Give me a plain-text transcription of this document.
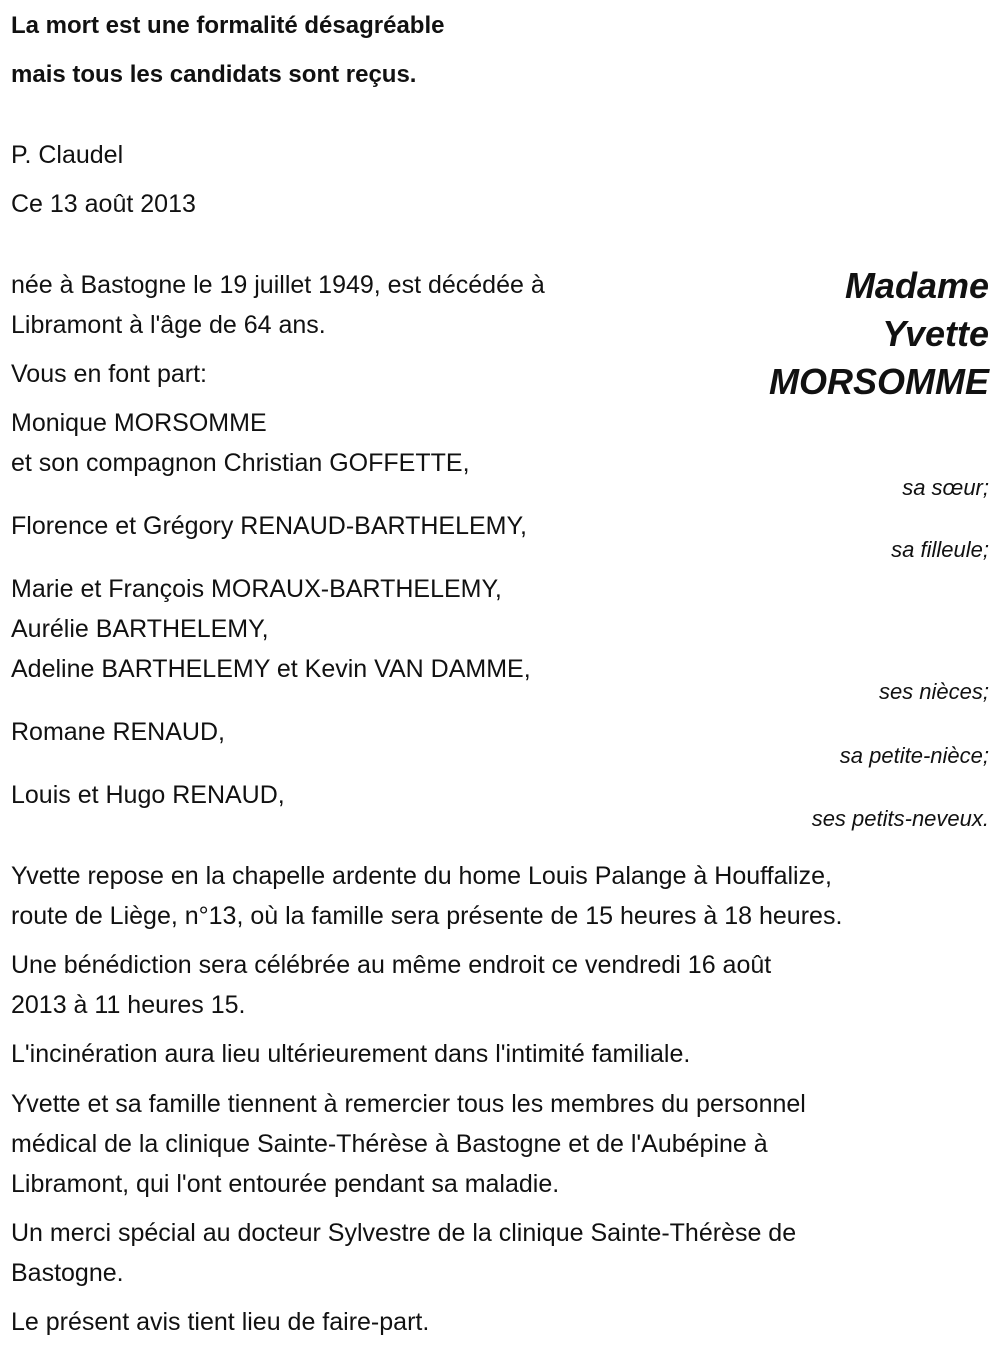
La mort est une formalité désagréable
mais tous les candidats sont reçus.
P. Claudel
Ce 13 août 2013
Madame
Yvette
MORSOMME
née à Bastogne le 19 juillet 1949, est décédée à
Libramont à l'âge de 64 ans.
Vous en font part:
Monique MORSOMME
et son compagnon Christian GOFFETTE,
sa sœur;
Florence et Grégory RENAUD-BARTHELEMY,
sa filleule;
Marie et François MORAUX-BARTHELEMY,
Aurélie BARTHELEMY,
Adeline BARTHELEMY et Kevin VAN DAMME,
ses nièces;
Romane RENAUD,
sa petite-nièce;
Louis et Hugo RENAUD,
ses petits-neveux.
Yvette repose en la chapelle ardente du home Louis Palange à Houffalize,
route de Liège, n°13, où la famille sera présente de 15 heures à 18 heures.
Une bénédiction sera célébrée au même endroit ce vendredi 16 août
2013 à 11 heures 15.
L'incinération aura lieu ultérieurement dans l'intimité familiale.
Yvette et sa famille tiennent à remercier tous les membres du personnel
médical de la clinique Sainte-Thérèse à Bastogne et de l'Aubépine à
Libramont, qui l'ont entourée pendant sa maladie.
Un merci spécial au docteur Sylvestre de la clinique Sainte-Thérèse de
Bastogne.
Le présent avis tient lieu de faire-part.
